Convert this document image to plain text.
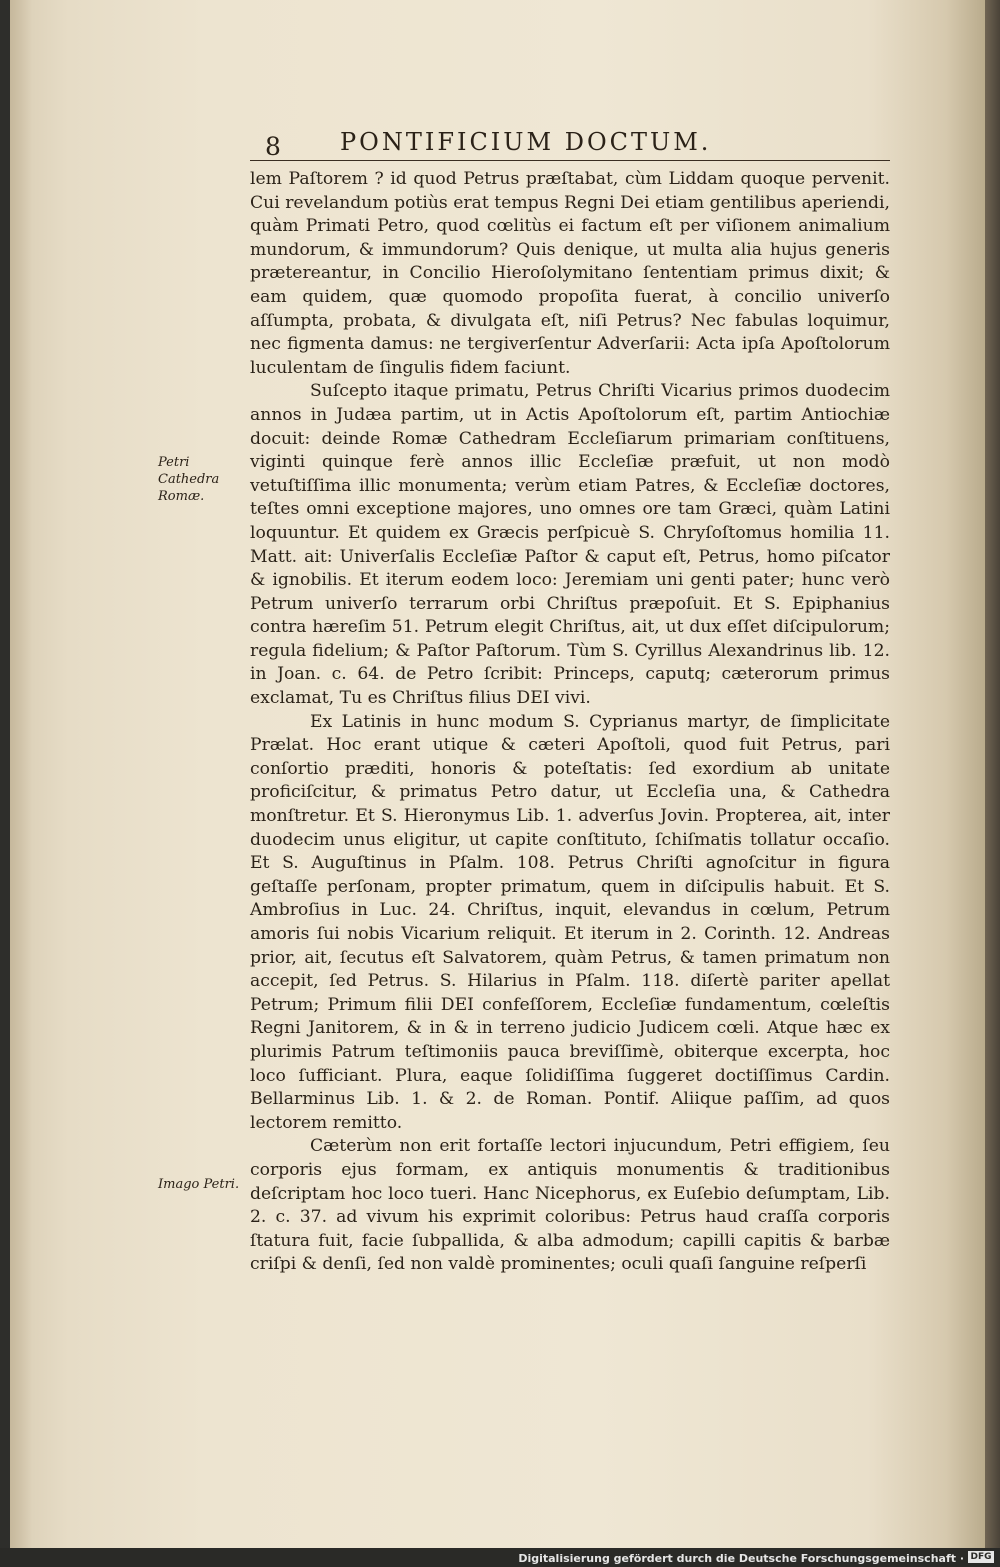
8 PONTIFICIUM DOCTUM.
Petri Cathedra Romæ.
Imago Petri.

lem Paſtorem ? id quod Petrus præſtabat, cùm Liddam quoque pervenit. Cui revelandum potiùs erat tempus Regni Dei etiam gentilibus aperiendi, quàm Primati Petro, quod cœlitùs ei factum eſt per viſionem animalium mundorum, & immundorum? Quis denique, ut multa alia hujus generis prætereantur, in Concilio Hieroſolymitano ſententiam primus dixit; & eam quidem, quæ quomodo propoſita fuerat, à concilio univerſo aſſumpta, probata, & divulgata eſt, niſi Petrus? Nec fabulas loquimur, nec figmenta damus: ne tergiverſentur Adverſarii: Acta ipſa Apoſtolorum luculentam de ſingulis fidem faciunt.

Suſcepto itaque primatu, Petrus Chriſti Vicarius primos duodecim annos in Judæa partim, ut in Actis Apoſtolorum eſt, partim Antiochiæ docuit: deinde Romæ Cathedram Eccleſiarum primariam conſtituens, viginti quinque ferè annos illic Eccleſiæ præfuit, ut non modò vetuſtiſſima illic monumenta; verùm etiam Patres, & Eccleſiæ doctores, teſtes omni exceptione majores, uno omnes ore tam Græci, quàm Latini loquuntur. Et quidem ex Græcis perſpicuè S. Chryſoſtomus homilia 11. Matt. ait: Univerſalis Eccleſiæ Paſtor & caput eſt, Petrus, homo piſcator & ignobilis. Et iterum eodem loco: Jeremiam uni genti pater; hunc verò Petrum univerſo terrarum orbi Chriſtus præpoſuit. Et S. Epiphanius contra hæreſim 51. Petrum elegit Chriſtus, ait, ut dux eſſet diſcipulorum; regula fidelium; & Paſtor Paſtorum. Tùm S. Cyrillus Alexandrinus lib. 12. in Joan. c. 64. de Petro ſcribit: Princeps, caputq; cæterorum primus exclamat, Tu es Chriſtus filius DEI vivi.

Ex Latinis in hunc modum S. Cyprianus martyr, de ſimplicitate Prælat. Hoc erant utique & cæteri Apoſtoli, quod fuit Petrus, pari conſortio præditi, honoris & poteſtatis: ſed exordium ab unitate proficiſcitur, & primatus Petro datur, ut Eccleſia una, & Cathedra monſtretur. Et S. Hieronymus Lib. 1. adverſus Jovin. Propterea, ait, inter duodecim unus eligitur, ut capite conſtituto, ſchiſmatis tollatur occaſio. Et S. Auguſtinus in Pſalm. 108. Petrus Chriſti agnoſcitur in figura geſtaſſe perſonam, propter primatum, quem in diſcipulis habuit. Et S. Ambroſius in Luc. 24. Chriſtus, inquit, elevandus in cœlum, Petrum amoris ſui nobis Vicarium reliquit. Et iterum in 2. Corinth. 12. Andreas prior, ait, ſecutus eſt Salvatorem, quàm Petrus, & tamen primatum non accepit, ſed Petrus. S. Hilarius in Pſalm. 118. diſertè pariter apellat Petrum; Primum filii DEI confeſſorem, Eccleſiæ fundamentum, cœleſtis Regni Janitorem, & in & in terreno judicio Judicem cœli. Atque hæc ex plurimis Patrum teſtimoniis pauca breviſſimè, obiterque excerpta, hoc loco ſufficiant. Plura, eaque ſolidiſſima ſuggeret doctiſſimus Cardin. Bellarminus Lib. 1. & 2. de Roman. Pontif. Aliique paſſim, ad quos lectorem remitto.

Cæterùm non erit fortaſſe lectori injucundum, Petri effigiem, ſeu corporis ejus formam, ex antiquis monumentis & traditionibus deſcriptam hoc loco tueri. Hanc Nicephorus, ex Euſebio deſumptam, Lib. 2. c. 37. ad vivum his exprimit coloribus: Petrus haud craſſa corporis ſtatura fuit, facie ſubpallida, & alba admodum; capilli capitis & barbæ criſpi & denſi, ſed non valdè prominentes; oculi quaſi ſanguine reſperſi

Digitalisierung gefördert durch die Deutsche Forschungsgemeinschaft · DFG
